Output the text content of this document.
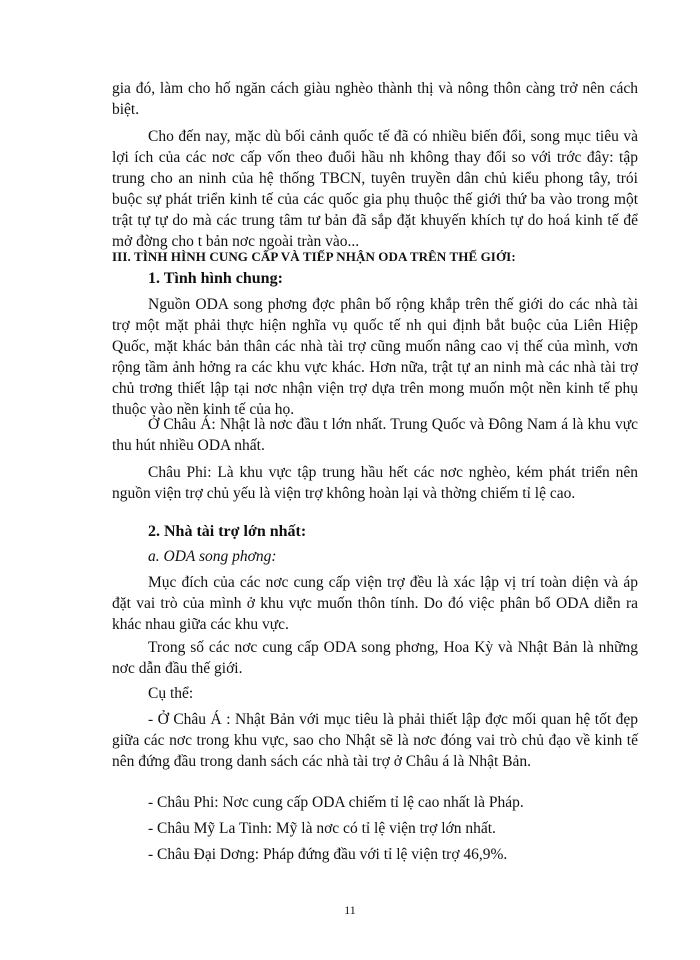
gia đó, làm cho hố ngăn cách giàu nghèo thành thị và nông thôn càng trở nên cách biệt.

Cho đến nay, mặc dù bối cảnh quốc tế đã có nhiều biến đổi, song mục tiêu và lợi ích của các nơc cấp vốn theo đuổi hầu nh không thay đổi so với trớc đây: tập trung cho an ninh của hệ thống TBCN, tuyên truyền dân chủ kiểu phong tây, trói buộc sự phát triển kinh tế của các quốc gia phụ thuộc thế giới thứ ba vào trong một trật tự tự do mà các trung tâm tư bản đã sắp đặt khuyến khích tự do hoá kinh tế để mở đờng cho t bản nơc ngoài tràn vào...

III. TÌNH HÌNH CUNG CẤP VÀ TIẾP NHẬN ODA TRÊN THẾ GIỚI:

1. Tình hình chung:

Nguồn ODA song phơng đợc phân bố rộng khắp trên thế giới do các nhà tài trợ một mặt phải thực hiện nghĩa vụ quốc tế nh qui định bắt buộc của Liên Hiệp Quốc, mặt khác bản thân các nhà tài trợ cũng muốn nâng cao vị thế của mình, vơn rộng tầm ảnh hởng ra các khu vực khác. Hơn nữa, trật tự an ninh mà các nhà tài trợ chủ trơng thiết lập tại nơc nhận viện trợ dựa trên mong muốn một nền kinh tế phụ thuộc vào nền kinh tế của họ.

Ở Châu Á: Nhật là nơc đầu t lớn nhất. Trung Quốc và Đông Nam á là khu vực thu hút nhiều ODA nhất.

Châu Phi: Là khu vực tập trung hầu hết các nơc nghèo, kém phát triển nên nguồn viện trợ chủ yếu là viện trợ không hoàn lại và thờng chiếm tỉ lệ cao.

2. Nhà tài trợ lớn nhất:

a. ODA song phơng:

Mục đích của các nơc cung cấp viện trợ đều là xác lập vị trí toàn diện và áp đặt vai trò của mình ở khu vực muốn thôn tính. Do đó việc phân bổ ODA diễn ra khác nhau giữa các khu vực.

Trong số các nơc cung cấp ODA song phơng, Hoa Kỳ và Nhật Bản là những nơc dẫn đầu thế giới.

Cụ thể:

- Ở Châu Á : Nhật Bản với mục tiêu là phải thiết lập đợc mối quan hệ tốt đẹp giữa các nơc trong khu vực, sao cho Nhật sẽ là nơc đóng vai trò chủ đạo về kinh tế nên đứng đầu trong danh sách các nhà tài trợ ở Châu á là Nhật Bản.

- Châu Phi: Nơc cung cấp ODA chiếm tỉ lệ cao nhất là Pháp.

- Châu Mỹ La Tinh: Mỹ là nơc có tỉ lệ viện trợ lớn nhất.

- Châu Đại Dơng: Pháp đứng đầu với tỉ lệ viện trợ 46,9%.

11
